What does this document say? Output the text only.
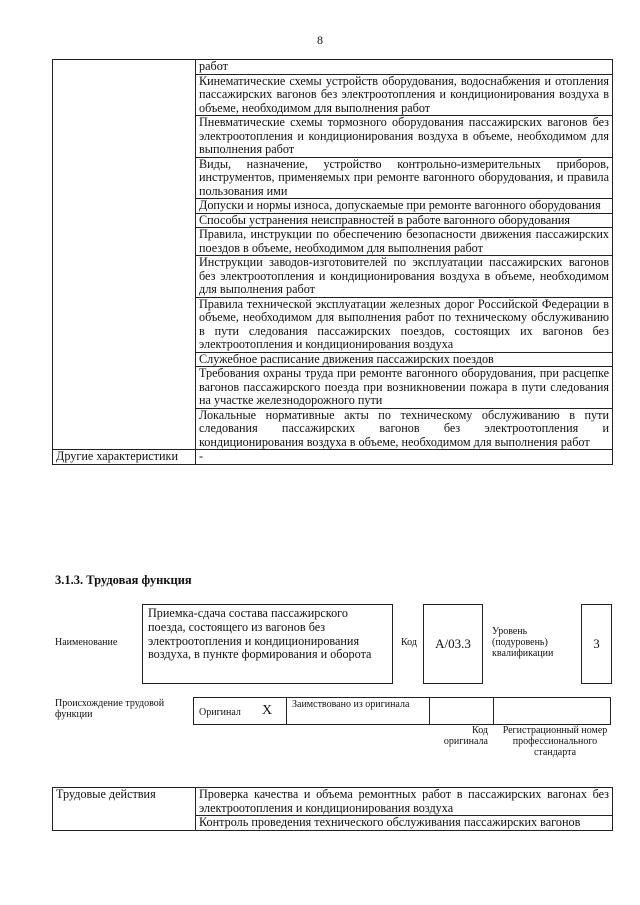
8
	работ
	Кинематические схемы устройств оборудования, водоснабжения и отопления пассажирских вагонов без электроотопления и кондиционирования воздуха в объеме, необходимом для выполнения работ
	Пневматические схемы тормозного оборудования пассажирских вагонов без электроотопления и кондиционирования воздуха в объеме, необходимом для выполнения работ
	Виды, назначение, устройство контрольно-измерительных приборов, инструментов, применяемых при ремонте вагонного оборудования, и правила пользования ими
	Допуски и нормы износа, допускаемые при ремонте вагонного оборудования
	Способы устранения неисправностей в работе вагонного оборудования
	Правила, инструкции по обеспечению безопасности движения пассажирских поездов в объеме, необходимом для выполнения работ
	Инструкции заводов-изготовителей по эксплуатации пассажирских вагонов без электроотопления и кондиционирования воздуха в объеме, необходимом для выполнения работ
	Правила технической эксплуатации железных дорог Российской Федерации в объеме, необходимом для выполнения работ по техническому обслуживанию в пути следования пассажирских поездов, состоящих их вагонов без электроотопления и кондиционирования воздуха
	Служебное расписание движения пассажирских поездов
	Требования охраны труда при ремонте вагонного оборудования, при расцепке вагонов пассажирского поезда при возникновении пожара в пути следования на участке железнодорожного пути
	Локальные нормативные акты по техническому обслуживанию в пути следования пассажирских вагонов без электроотопления и кондиционирования воздуха в объеме, необходимом для выполнения работ
Другие характеристики	-
3.1.3. Трудовая функция
Наименование
Приемка-сдача состава пассажирского поезда, состоящего из вагонов без электроотопления и кондиционирования воздуха, в пункте формирования и оборота
Код	А/03.3
Уровень (подуровень) квалификации
3
Происхождение трудовой функции	Оригинал X Заимствовано из оригинала
Код оригинала
Регистрационный номер профессионального стандарта
Трудовые действия	Проверка качества и объема ремонтных работ в пассажирских вагонах без электроотопления и кондиционирования воздуха
Контроль проведения технического обслуживания пассажирских вагонов
